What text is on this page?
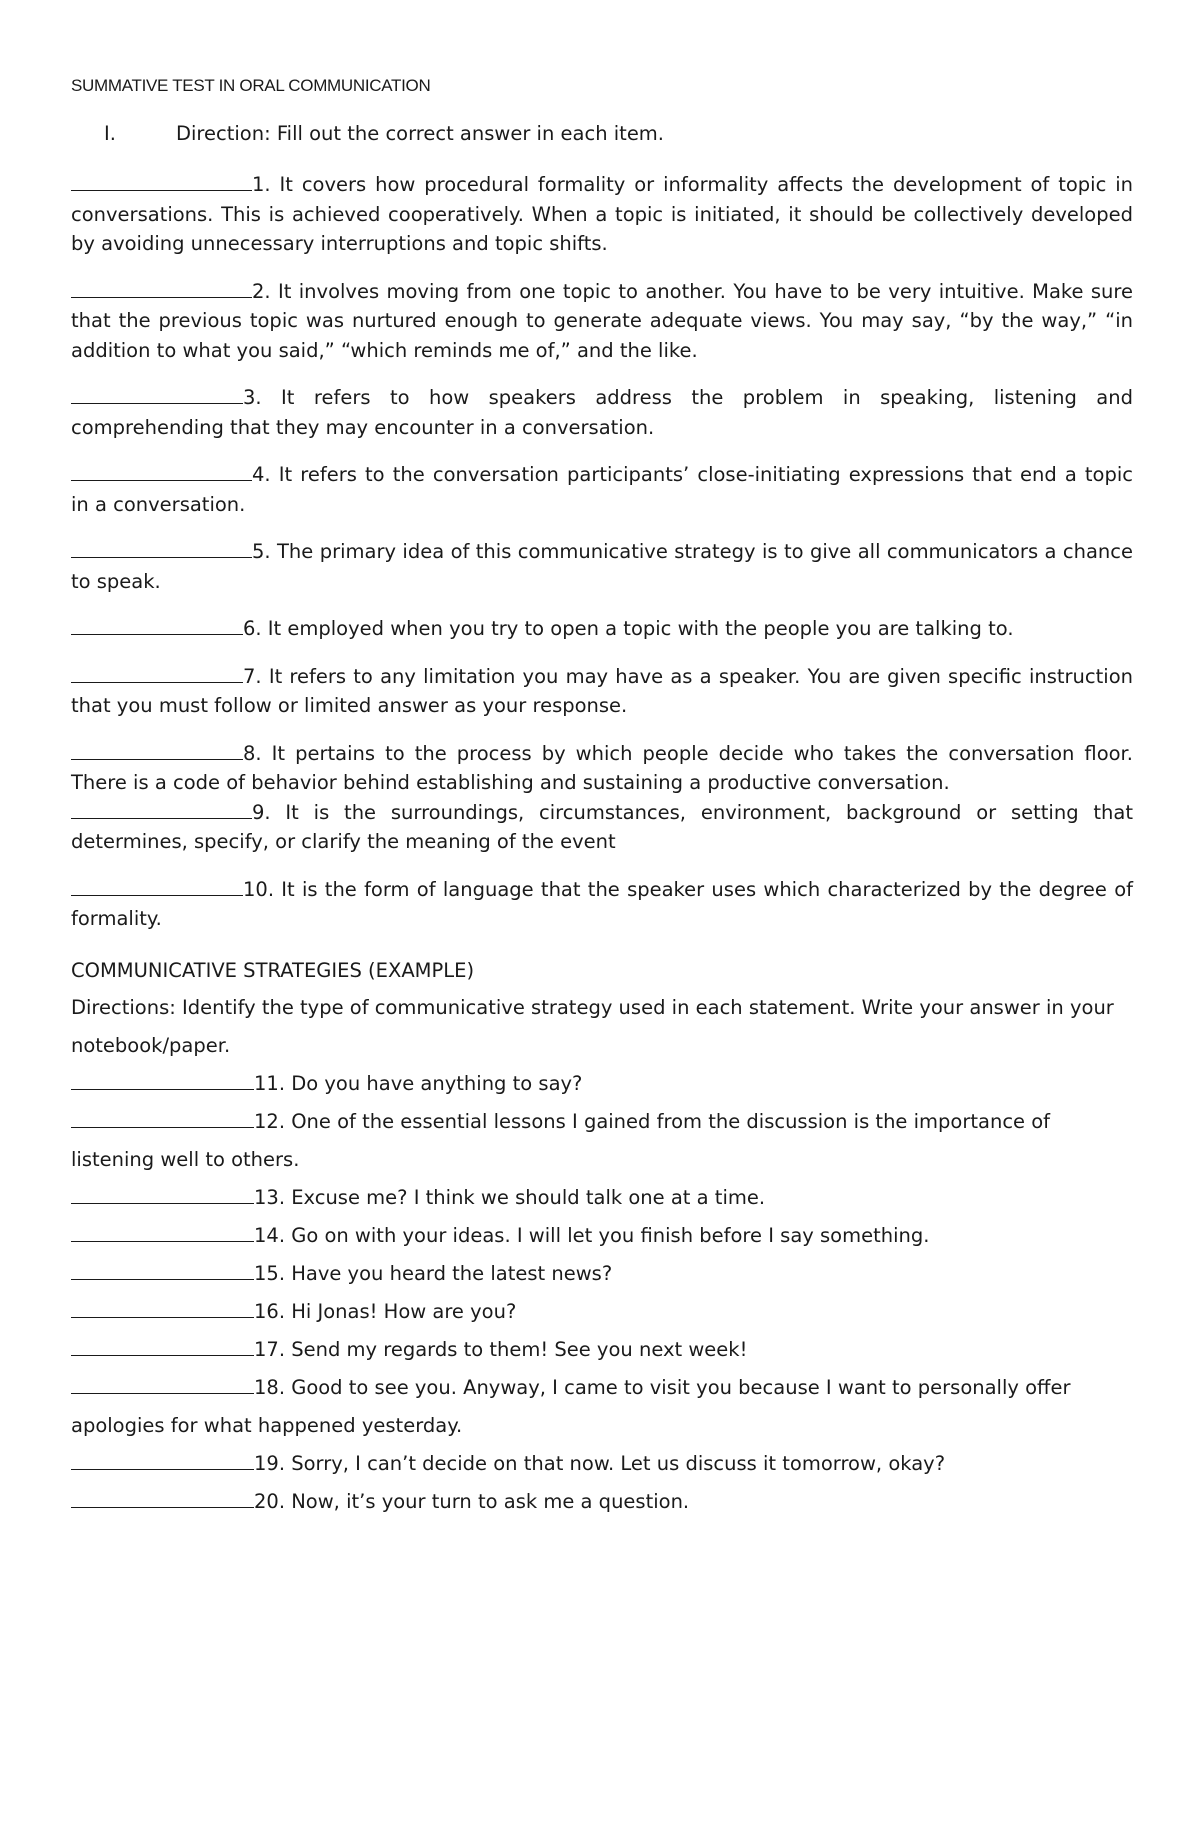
SUMMATIVE TEST IN ORAL COMMUNICATION
I.	Direction: Fill out the correct answer in each item.
1. It covers how procedural formality or informality affects the development of topic in conversations. This is achieved cooperatively. When a topic is initiated, it should be collectively developed by avoiding unnecessary interruptions and topic shifts.
2. It involves moving from one topic to another. You have to be very intuitive. Make sure that the previous topic was nurtured enough to generate adequate views. You may say, “by the way,” “in addition to what you said,” “which reminds me of,” and the like.
3. It refers to how speakers address the problem in speaking, listening and comprehending that they may encounter in a conversation.
4. It refers to the conversation participants’ close-initiating expressions that end a topic in a conversation.
5. The primary idea of this communicative strategy is to give all communicators a chance to speak.
6. It employed when you try to open a topic with the people you are talking to.
7. It refers to any limitation you may have as a speaker. You are given specific instruction that you must follow or limited answer as your response.
8. It pertains to the process by which people decide who takes the conversation floor. There is a code of behavior behind establishing and sustaining a productive conversation.
9. It is the surroundings, circumstances, environment, background or setting that determines, specify, or clarify the meaning of the event
10. It is the form of language that the speaker uses which characterized by the degree of formality.
COMMUNICATIVE STRATEGIES (EXAMPLE)
Directions: Identify the type of communicative strategy used in each statement. Write your answer in your notebook/paper.
11. Do you have anything to say?
12. One of the essential lessons I gained from the discussion is the importance of listening well to others.
13. Excuse me? I think we should talk one at a time.
14. Go on with your ideas. I will let you finish before I say something.
15. Have you heard the latest news?
16. Hi Jonas! How are you?
17. Send my regards to them! See you next week!
18. Good to see you. Anyway, I came to visit you because I want to personally offer apologies for what happened yesterday.
19. Sorry, I can’t decide on that now. Let us discuss it tomorrow, okay?
20. Now, it’s your turn to ask me a question.
